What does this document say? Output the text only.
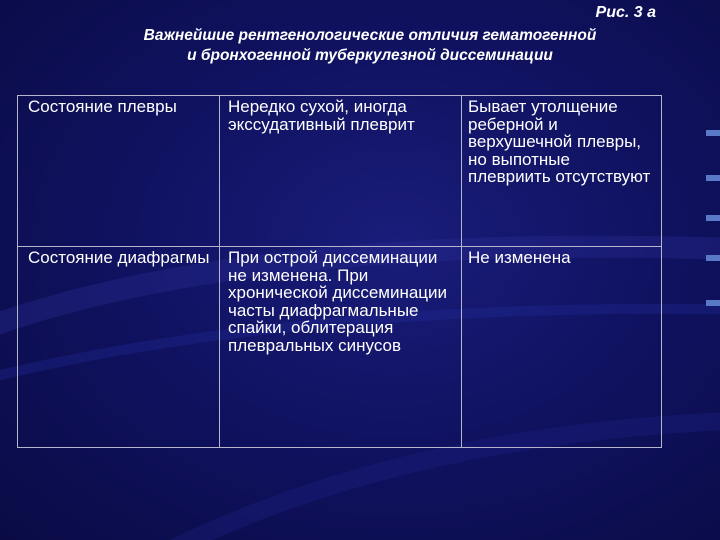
Рис. 3 а
Важнейшие рентгенологические отличия гематогенной
и бронхогенной туберкулезной диссеминации
Состояние плевры	Нередко сухой, иногда экссудативный плеврит	Бывает утолщение реберной и верхушечной плевры, но выпотные плевриить отсутствуют
Состояние диафрагмы	При острой диссеминации не изменена. При хронической диссеминации часты диафрагмальные спайки, облитерация плевральных синусов	Не изменена
